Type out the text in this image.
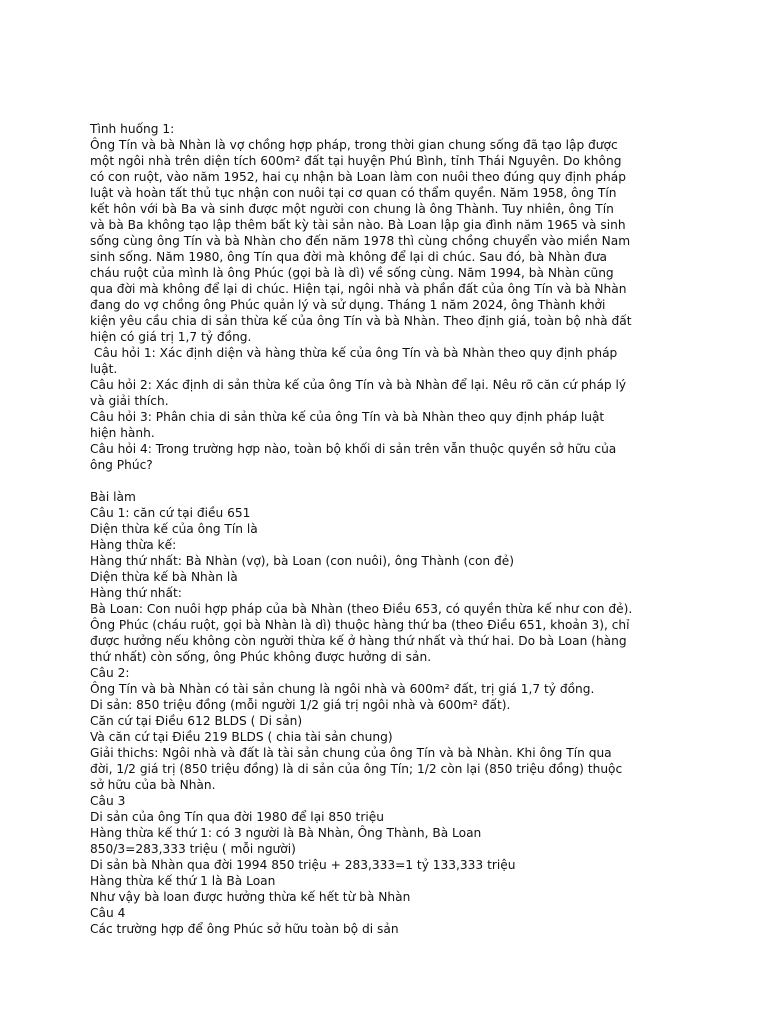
Tình huống 1:
Ông Tín và bà Nhàn là vợ chồng hợp pháp, trong thời gian chung sống đã tạo lập được
một ngôi nhà trên diện tích 600m² đất tại huyện Phú Bình, tỉnh Thái Nguyên. Do không
có con ruột, vào năm 1952, hai cụ nhận bà Loan làm con nuôi theo đúng quy định pháp
luật và hoàn tất thủ tục nhận con nuôi tại cơ quan có thẩm quyền. Năm 1958, ông Tín
kết hôn với bà Ba và sinh được một người con chung là ông Thành. Tuy nhiên, ông Tín
và bà Ba không tạo lập thêm bất kỳ tài sản nào. Bà Loan lập gia đình năm 1965 và sinh
sống cùng ông Tín và bà Nhàn cho đến năm 1978 thì cùng chồng chuyển vào miền Nam
sinh sống. Năm 1980, ông Tín qua đời mà không để lại di chúc. Sau đó, bà Nhàn đưa
cháu ruột của mình là ông Phúc (gọi bà là dì) về sống cùng. Năm 1994, bà Nhàn cũng
qua đời mà không để lại di chúc. Hiện tại, ngôi nhà và phần đất của ông Tín và bà Nhàn
đang do vợ chồng ông Phúc quản lý và sử dụng. Tháng 1 năm 2024, ông Thành khởi
kiện yêu cầu chia di sản thừa kế của ông Tín và bà Nhàn. Theo định giá, toàn bộ nhà đất
hiện có giá trị 1,7 tỷ đồng.
Câu hỏi 1: Xác định diện và hàng thừa kế của ông Tín và bà Nhàn theo quy định pháp
luật.
Câu hỏi 2: Xác định di sản thừa kế của ông Tín và bà Nhàn để lại. Nêu rõ căn cứ pháp lý
và giải thích.
Câu hỏi 3: Phân chia di sản thừa kế của ông Tín và bà Nhàn theo quy định pháp luật
hiện hành.
Câu hỏi 4: Trong trường hợp nào, toàn bộ khối di sản trên vẫn thuộc quyền sở hữu của
ông Phúc?
Bài làm
Câu 1: căn cứ tại điều 651
Diện thừa kế của ông Tín là
Hàng thừa kế:
Hàng thứ nhất: Bà Nhàn (vợ), bà Loan (con nuôi), ông Thành (con đẻ)
Diện thừa kế bà Nhàn là
Hàng thứ nhất:
Bà Loan: Con nuôi hợp pháp của bà Nhàn (theo Điều 653, có quyền thừa kế như con đẻ).
Ông Phúc (cháu ruột, gọi bà Nhàn là dì) thuộc hàng thứ ba (theo Điều 651, khoản 3), chỉ
được hưởng nếu không còn người thừa kế ở hàng thứ nhất và thứ hai. Do bà Loan (hàng
thứ nhất) còn sống, ông Phúc không được hưởng di sản.
Câu 2:
Ông Tín và bà Nhàn có tài sản chung là ngôi nhà và 600m² đất, trị giá 1,7 tỷ đồng.
Di sản: 850 triệu đồng (mỗi người 1/2 giá trị ngôi nhà và 600m² đất).
Căn cứ tại Điều 612 BLDS ( Di sản)
Và căn cứ tại Điều 219 BLDS ( chia tài sản chung)
Giải thichs: Ngôi nhà và đất là tài sản chung của ông Tín và bà Nhàn. Khi ông Tín qua
đời, 1/2 giá trị (850 triệu đồng) là di sản của ông Tín; 1/2 còn lại (850 triệu đồng) thuộc
sở hữu của bà Nhàn.
Câu 3
Di sản của ông Tín qua đời 1980 để lại 850 triệu
Hàng thừa kế thứ 1: có 3 người là Bà Nhàn, Ông Thành, Bà Loan
850/3=283,333 triệu ( mỗi người)
Di sản bà Nhàn qua đời 1994 850 triệu + 283,333=1 tỷ 133,333 triệu
Hàng thừa kế thứ 1 là Bà Loan
Như vậy bà loan được hưởng thừa kế hết từ bà Nhàn
Câu 4
Các trường hợp để ông Phúc sở hữu toàn bộ di sản
